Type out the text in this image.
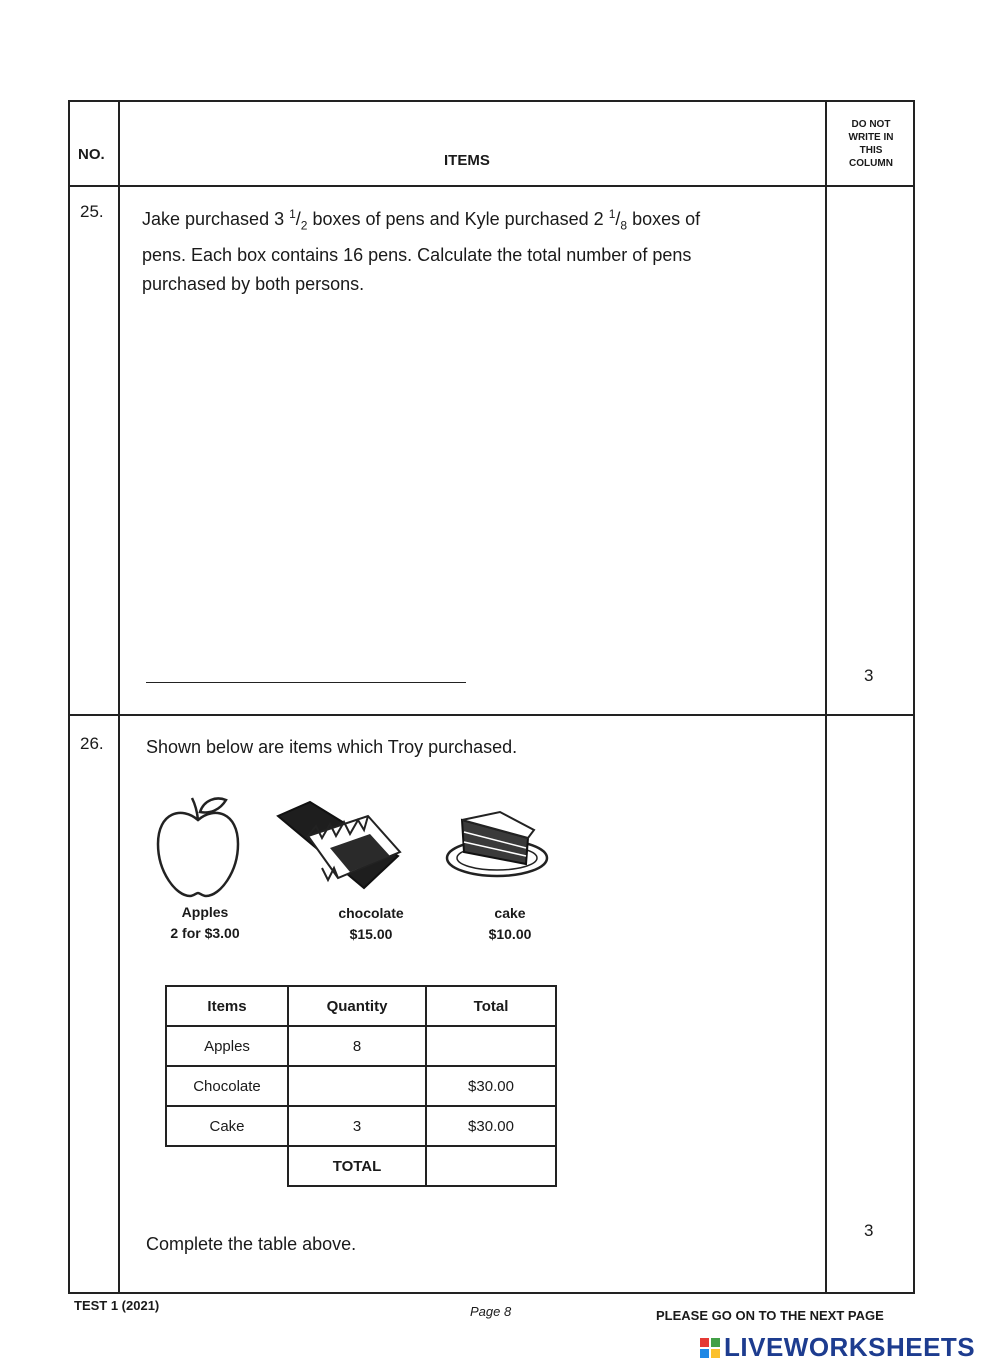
NO.	ITEMS
DO NOT
WRITE IN
THIS
COLUMN
25. Jake purchased 3 $^1/_2$ boxes of pens and Kyle purchased 2 $^1/_8$ boxes of
pens. Each box contains 16 pens. Calculate the total number of pens
purchased by both persons.
3
26. Shown below are items which Troy purchased.
Apples
2 for $3.00
chocolate
$15.00
cake
$10.00
Items	Quantity	Total
Apples	8	
Chocolate		$30.00
Cake	3	$30.00
	TOTAL	
Complete the table above.
3
TEST 1 (2021)	Page 8	PLEASE GO ON TO THE NEXT PAGE
LIVEWORKSHEETS
